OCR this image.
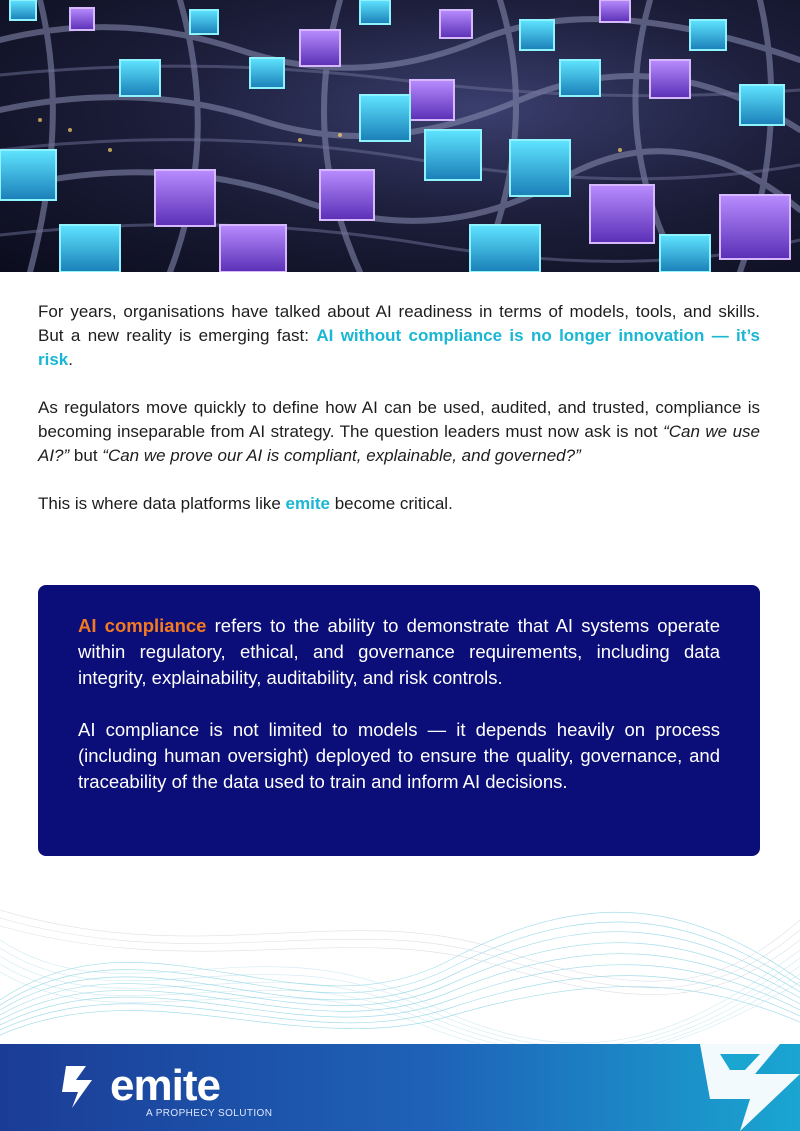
For years, organisations have talked about AI readiness in terms of models, tools, and skills. But a new reality is emerging fast: AI without compliance is no longer innovation — it’s risk.

As regulators move quickly to define how AI can be used, audited, and trusted, compliance is becoming inseparable from AI strategy. The question leaders must now ask is not “Can we use AI?” but “Can we prove our AI is compliant, explainable, and governed?”

This is where data platforms like emite become critical.

AI compliance refers to the ability to demonstrate that AI systems operate within regulatory, ethical, and governance requirements, including data integrity, explainability, auditability, and risk controls.

AI compliance is not limited to models — it depends heavily on process (including human oversight) deployed to ensure the quality, governance, and traceability of the data used to train and inform AI decisions.

emite
A PROPHECY SOLUTION
